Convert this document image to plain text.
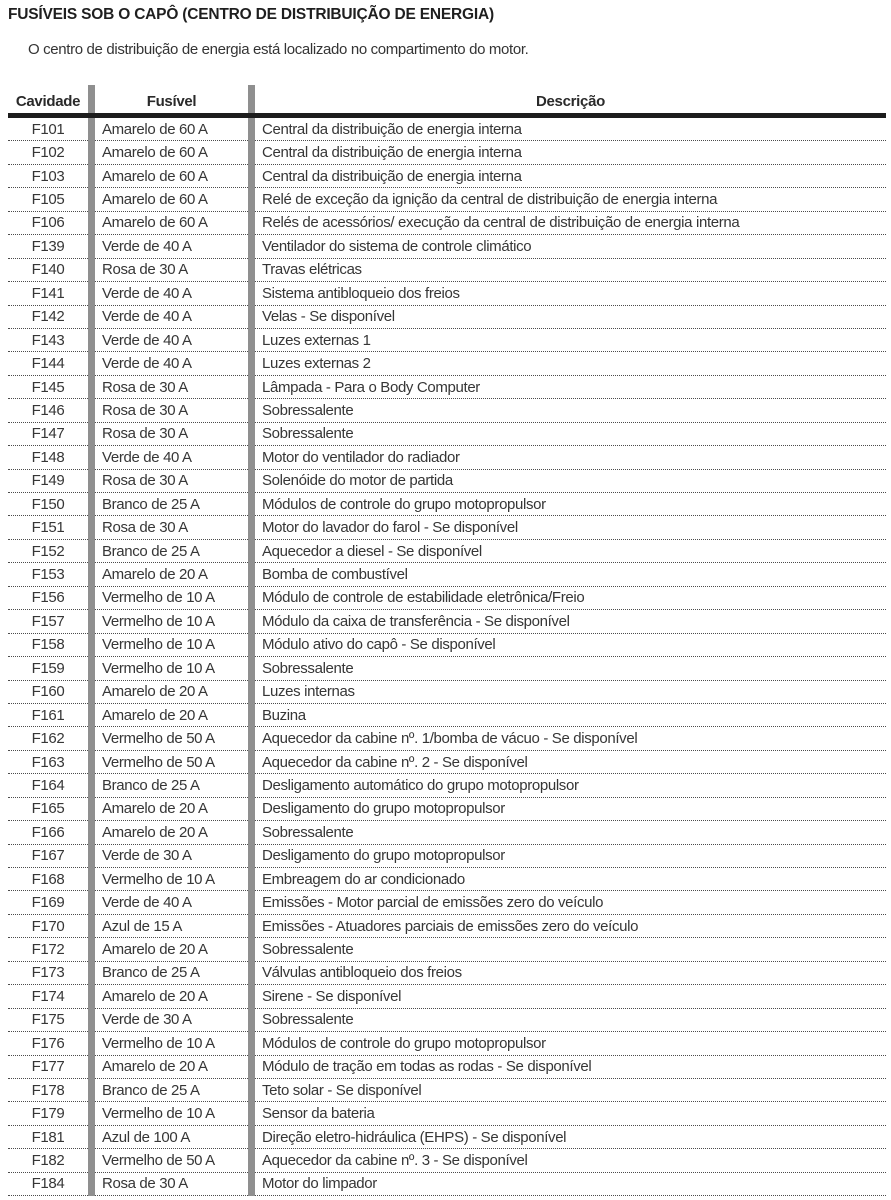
FUSÍVEIS SOB O CAPÔ (CENTRO DE DISTRIBUIÇÃO DE ENERGIA)

O centro de distribuição de energia está localizado no compartimento do motor.

Cavidade	Fusível	Descrição
F101	Amarelo de 60 A	Central da distribuição de energia interna
F102	Amarelo de 60 A	Central da distribuição de energia interna
F103	Amarelo de 60 A	Central da distribuição de energia interna
F105	Amarelo de 60 A	Relé de exceção da ignição da central de distribuição de energia interna
F106	Amarelo de 60 A	Relés de acessórios/ execução da central de distribuição de energia interna
F139	Verde de 40 A	Ventilador do sistema de controle climático
F140	Rosa de 30 A	Travas elétricas
F141	Verde de 40 A	Sistema antibloqueio dos freios
F142	Verde de 40 A	Velas - Se disponível
F143	Verde de 40 A	Luzes externas 1
F144	Verde de 40 A	Luzes externas 2
F145	Rosa de 30 A	Lâmpada - Para o Body Computer
F146	Rosa de 30 A	Sobressalente
F147	Rosa de 30 A	Sobressalente
F148	Verde de 40 A	Motor do ventilador do radiador
F149	Rosa de 30 A	Solenóide do motor de partida
F150	Branco de 25 A	Módulos de controle do grupo motopropulsor
F151	Rosa de 30 A	Motor do lavador do farol - Se disponível
F152	Branco de 25 A	Aquecedor a diesel - Se disponível
F153	Amarelo de 20 A	Bomba de combustível
F156	Vermelho de 10 A	Módulo de controle de estabilidade eletrônica/Freio
F157	Vermelho de 10 A	Módulo da caixa de transferência - Se disponível
F158	Vermelho de 10 A	Módulo ativo do capô - Se disponível
F159	Vermelho de 10 A	Sobressalente
F160	Amarelo de 20 A	Luzes internas
F161	Amarelo de 20 A	Buzina
F162	Vermelho de 50 A	Aquecedor da cabine nº. 1/bomba de vácuo - Se disponível
F163	Vermelho de 50 A	Aquecedor da cabine nº. 2 - Se disponível
F164	Branco de 25 A	Desligamento automático do grupo motopropulsor
F165	Amarelo de 20 A	Desligamento do grupo motopropulsor
F166	Amarelo de 20 A	Sobressalente
F167	Verde de 30 A	Desligamento do grupo motopropulsor
F168	Vermelho de 10 A	Embreagem do ar condicionado
F169	Verde de 40 A	Emissões - Motor parcial de emissões zero do veículo
F170	Azul de 15 A	Emissões - Atuadores parciais de emissões zero do veículo
F172	Amarelo de 20 A	Sobressalente
F173	Branco de 25 A	Válvulas antibloqueio dos freios
F174	Amarelo de 20 A	Sirene - Se disponível
F175	Verde de 30 A	Sobressalente
F176	Vermelho de 10 A	Módulos de controle do grupo motopropulsor
F177	Amarelo de 20 A	Módulo de tração em todas as rodas - Se disponível
F178	Branco de 25 A	Teto solar - Se disponível
F179	Vermelho de 10 A	Sensor da bateria
F181	Azul de 100 A	Direção eletro-hidráulica (EHPS) - Se disponível
F182	Vermelho de 50 A	Aquecedor da cabine nº. 3 - Se disponível
F184	Rosa de 30 A	Motor do limpador
